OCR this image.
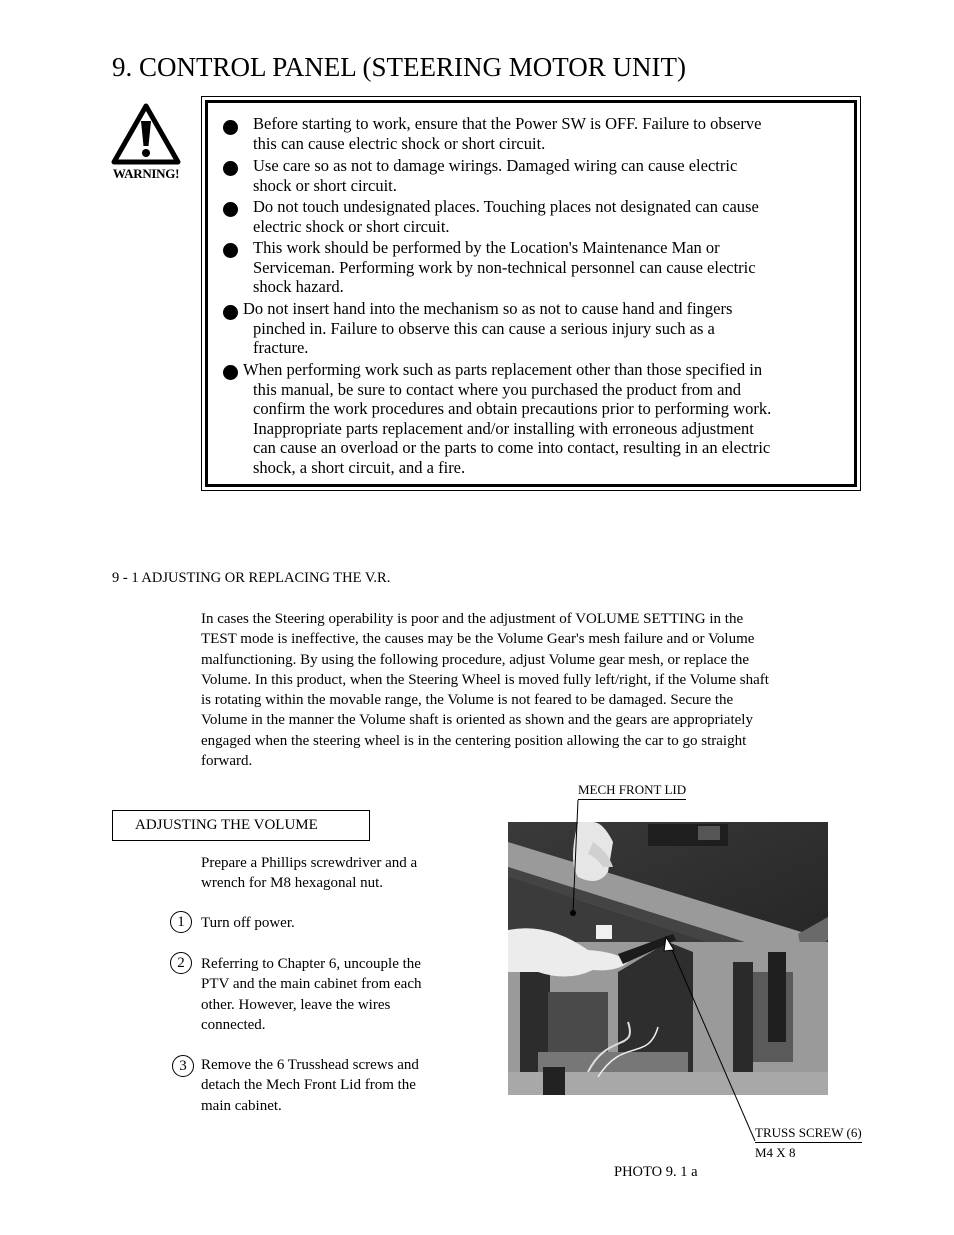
9. CONTROL PANEL (STEERING MOTOR UNIT)
WARNING!
Before starting to work, ensure that the Power SW is OFF. Failure to observe
this can cause electric shock or short circuit.
Use care so as not to damage wirings. Damaged wiring can cause electric
shock or short circuit.
Do not touch undesignated places. Touching places not designated can cause
electric shock or short circuit.
This work should be performed by the Location's Maintenance Man or
Serviceman. Performing work by non-technical personnel can cause electric
shock hazard.
Do not insert hand into the mechanism so as not to cause hand and fingers
pinched in. Failure to observe this can cause a serious injury such as a
fracture.
When performing work such as parts replacement other than those specified in
this manual, be sure to contact where you purchased the product from and
confirm the work procedures and obtain precautions prior to performing work.
Inappropriate parts replacement and/or installing with erroneous adjustment
can cause an overload or the parts to come into contact, resulting in an electric
shock, a short circuit, and a fire.
9 - 1 ADJUSTING OR REPLACING THE V.R.
In cases the Steering operability is poor and the adjustment of VOLUME SETTING in the
TEST mode is ineffective, the causes may be the Volume Gear's mesh failure and or Volume
malfunctioning. By using the following procedure, adjust Volume gear mesh, or replace the
Volume. In this product, when the Steering Wheel is moved fully left/right, if the Volume shaft
is rotating within the movable range, the Volume is not feared to be damaged. Secure the
Volume in the manner the Volume shaft is oriented as shown and the gears are appropriately
engaged when the steering wheel is in the centering position allowing the car to go straight
forward.
ADJUSTING THE VOLUME
Prepare a Phillips screwdriver and a
wrench for M8 hexagonal nut.
1	Turn off power.
2	Referring to Chapter 6, uncouple the
PTV and the main cabinet from each
other. However, leave the wires
connected.
3 Remove the 6 Trusshead screws and
detach the Mech Front Lid from the
main cabinet.
MECH FRONT LID
TRUSS SCREW (6)
M4 X 8
PHOTO 9. 1 a
